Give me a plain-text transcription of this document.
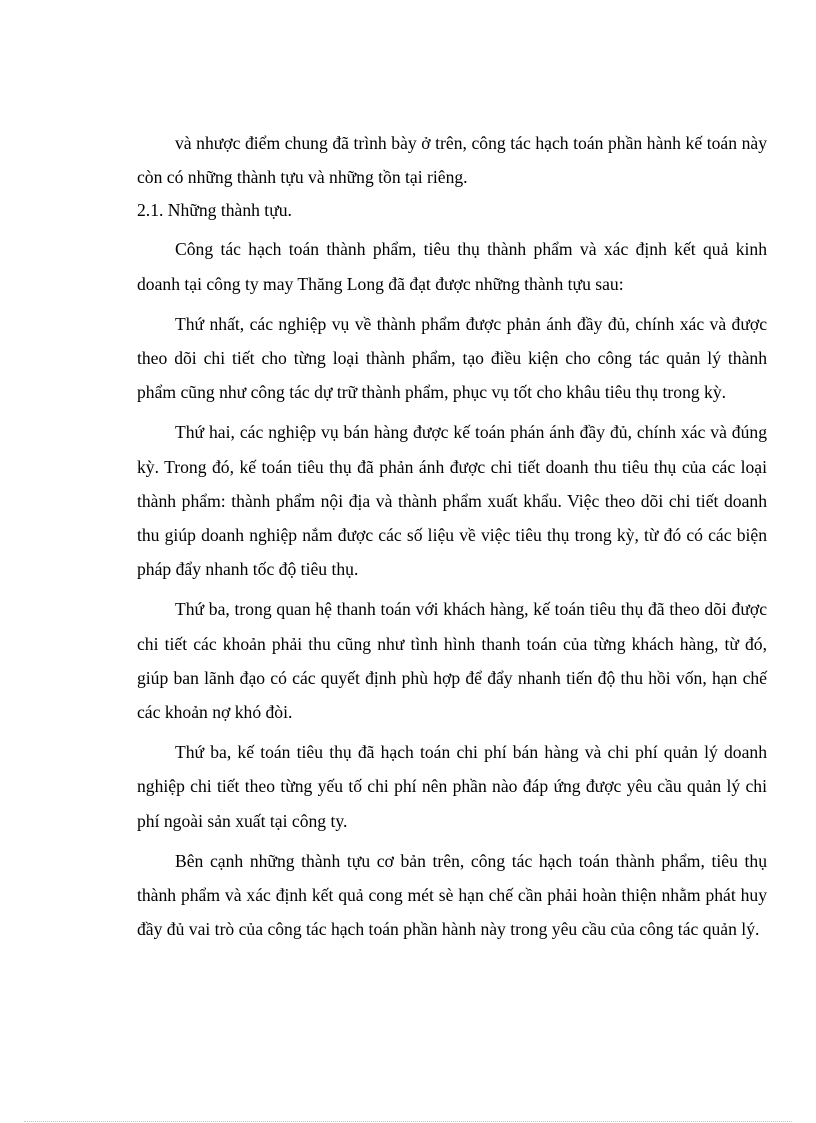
và nhược điểm chung đã trình bày ở trên, công tác hạch toán phần hành kế toán này còn có những thành tựu và những tồn tại riêng.

2.1. Những thành tựu.

Công tác hạch toán thành phẩm, tiêu thụ thành phẩm và xác định kết quả kinh doanh tại công ty may Thăng Long đã đạt được những thành tựu sau:

Thứ nhất, các nghiệp vụ về thành phẩm được phản ánh đầy đủ, chính xác và được theo dõi chi tiết cho từng loại thành phẩm, tạo điều kiện cho công tác quản lý thành phẩm cũng như công tác dự trữ thành phẩm, phục vụ tốt cho khâu tiêu thụ trong kỳ.

Thứ hai, các nghiệp vụ bán hàng được kế toán phán ánh đầy đủ, chính xác và đúng kỳ. Trong đó, kế toán tiêu thụ đã phản ánh được chi tiết doanh thu tiêu thụ của các loại thành phẩm: thành phẩm nội địa và thành phẩm xuất khẩu. Việc theo dõi chi tiết doanh thu giúp doanh nghiệp nắm được các số liệu về việc tiêu thụ trong kỳ, từ đó có các biện pháp đẩy nhanh tốc độ tiêu thụ.

Thứ ba, trong quan hệ thanh toán với khách hàng, kế toán tiêu thụ đã theo dõi được chi tiết các khoản phải thu cũng như tình hình thanh toán của từng khách hàng, từ đó, giúp ban lãnh đạo có các quyết định phù hợp để đẩy nhanh tiến độ thu hồi vốn, hạn chế các khoản nợ khó đòi.

Thứ ba, kế toán tiêu thụ đã hạch toán chi phí bán hàng và chi phí quản lý doanh nghiệp chi tiết theo từng yếu tố chi phí nên phần nào đáp ứng được yêu cầu quản lý chi phí ngoài sản xuất tại công ty.

Bên cạnh những thành tựu cơ bản trên, công tác hạch toán thành phẩm, tiêu thụ thành phẩm và xác định kết quả cong mét sè hạn chế cần phải hoàn thiện nhằm phát huy đầy đủ vai trò của công tác hạch toán phần hành này trong yêu cầu của công tác quản lý.
